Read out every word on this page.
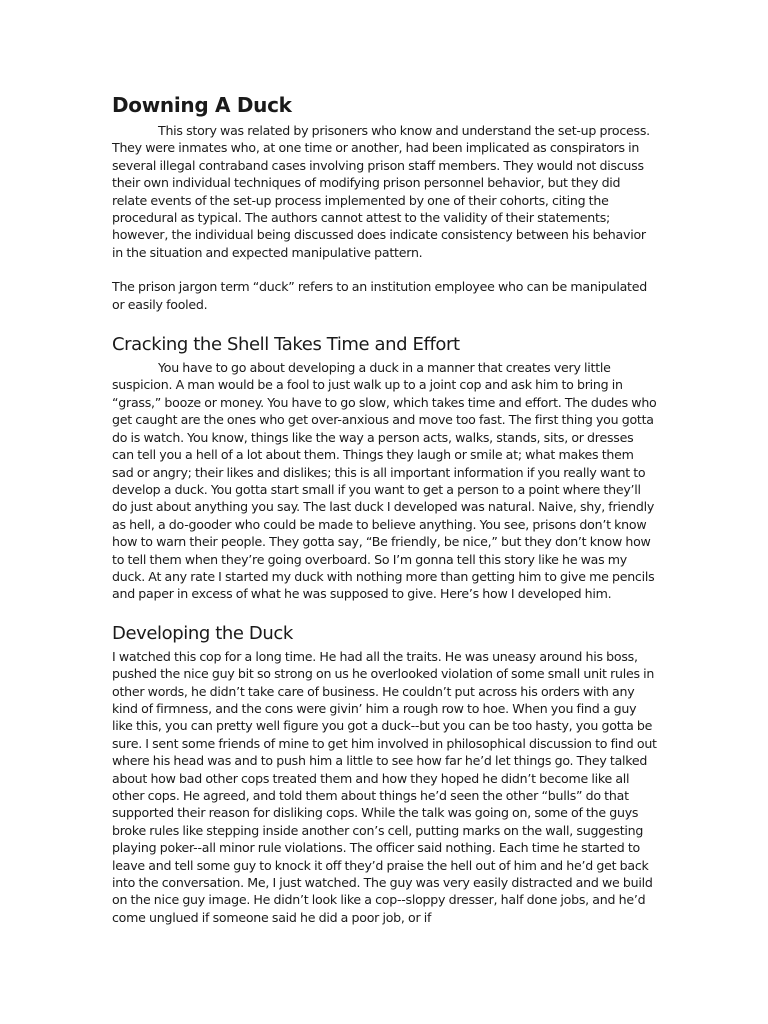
Downing A Duck

This story was related by prisoners who know and understand the set-up process. They were inmates who, at one time or another, had been implicated as conspirators in several illegal contraband cases involving prison staff members. They would not discuss their own individual techniques of modifying prison personnel behavior, but they did relate events of the set-up process implemented by one of their cohorts, citing the procedural as typical. The authors cannot attest to the validity of their statements; however, the individual being discussed does indicate consistency between his behavior in the situation and expected manipulative pattern.

The prison jargon term “duck” refers to an institution employee who can be manipulated or easily fooled.

Cracking the Shell Takes Time and Effort

You have to go about developing a duck in a manner that creates very little suspicion. A man would be a fool to just walk up to a joint cop and ask him to bring in “grass,” booze or money. You have to go slow, which takes time and effort. The dudes who get caught are the ones who get over-anxious and move too fast. The first thing you gotta do is watch. You know, things like the way a person acts, walks, stands, sits, or dresses can tell you a hell of a lot about them. Things they laugh or smile at; what makes them sad or angry; their likes and dislikes; this is all important information if you really want to develop a duck. You gotta start small if you want to get a person to a point where they’ll do just about anything you say. The last duck I developed was natural. Naive, shy, friendly as hell, a do-gooder who could be made to believe anything. You see, prisons don’t know how to warn their people. They gotta say, “Be friendly, be nice,” but they don’t know how to tell them when they’re going overboard. So I’m gonna tell this story like he was my duck. At any rate I started my duck with nothing more than getting him to give me pencils and paper in excess of what he was supposed to give. Here’s how I developed him.

Developing the Duck

I watched this cop for a long time. He had all the traits. He was uneasy around his boss, pushed the nice guy bit so strong on us he overlooked violation of some small unit rules in other words, he didn’t take care of business. He couldn’t put across his orders with any kind of firmness, and the cons were givin’ him a rough row to hoe. When you find a guy like this, you can pretty well figure you got a duck--but you can be too hasty, you gotta be sure. I sent some friends of mine to get him involved in philosophical discussion to find out where his head was and to push him a little to see how far he’d let things go. They talked about how bad other cops treated them and how they hoped he didn’t become like all other cops. He agreed, and told them about things he’d seen the other “bulls” do that supported their reason for disliking cops. While the talk was going on, some of the guys broke rules like stepping inside another con’s cell, putting marks on the wall, suggesting playing poker--all minor rule violations. The officer said nothing. Each time he started to leave and tell some guy to knock it off they’d praise the hell out of him and he’d get back into the conversation. Me, I just watched. The guy was very easily distracted and we build on the nice guy image. He didn’t look like a cop--sloppy dresser, half done jobs, and he’d come unglued if someone said he did a poor job, or if
